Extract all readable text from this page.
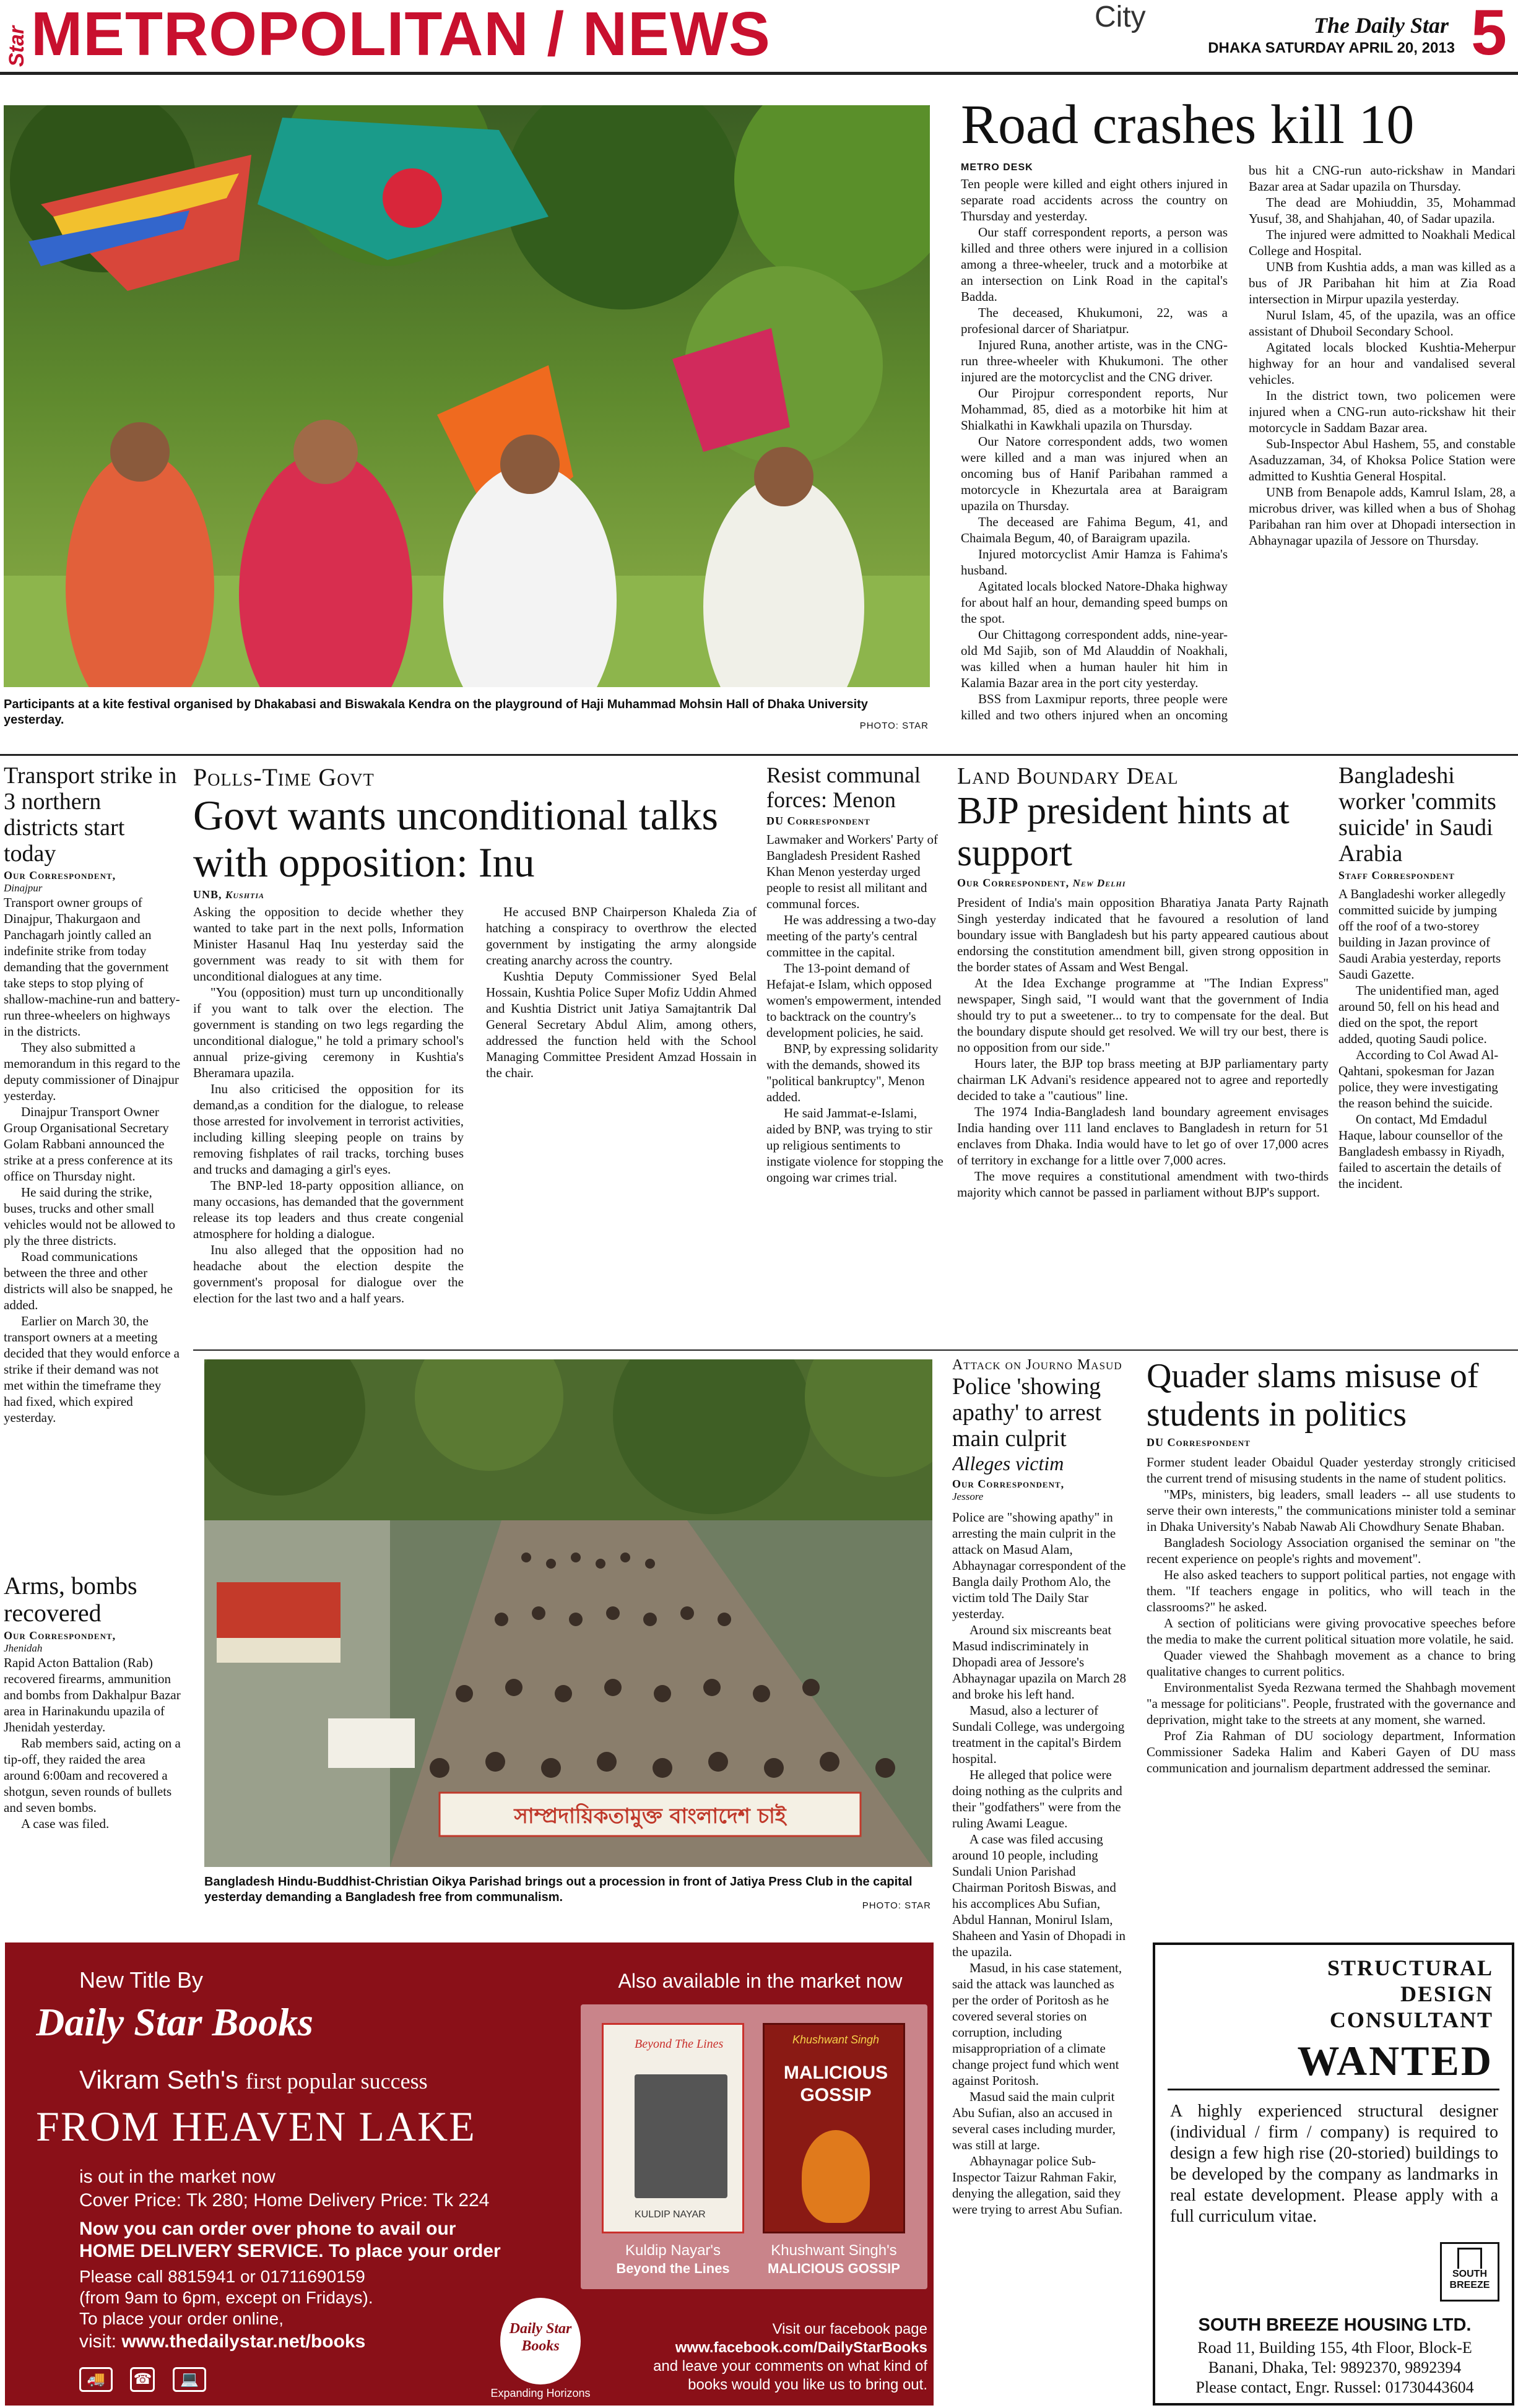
Star METROPOLITAN / NEWS	City	The Daily Star
DHAKA SATURDAY APRIL 20, 2013 5
Participants at a kite festival organised by Dhakabasi and Biswakala Kendra on the playground of Haji Muhammad Mohsin Hall of Dhaka University yesterday.	PHOTO: STAR
Road crashes kill 10
METRO DESK

Ten people were killed and eight others injured in separate road accidents across the country on Thursday and yesterday.

Our staff correspondent reports, a person was killed and three others were injured in a collision among a three-wheeler, truck and a motorbike at an intersection on Link Road in the capital's Badda.

The deceased, Khukumoni, 22, was a profesional darcer of Shariatpur.

Injured Runa, another artiste, was in the CNG-run three-wheeler with Khukumoni. The other injured are the motorcyclist and the CNG driver.

Our Pirojpur correspondent reports, Nur Mohammad, 85, died as a motorbike hit him at Shialkathi in Kawkhali upazila on Thursday.

Our Natore correspondent adds, two women were killed and a man was injured when an oncoming bus of Hanif Paribahan rammed a motorcycle in Khezurtala area at Baraigram upazila on Thursday.

The deceased are Fahima Begum, 41, and Chaimala Begum, 40, of Baraigram upazila.

Injured motorcyclist Amir Hamza is Fahima's husband.

Agitated locals blocked Natore-Dhaka highway for about half an hour, demanding speed bumps on the spot.

Our Chittagong correspondent adds, nine-year-old Md Sajib, son of Md Alauddin of Noakhali, was killed when a human hauler hit him in Kalamia Bazar area in the port city yesterday.

BSS from Laxmipur reports, three people were killed and two others injured when an oncoming bus hit a CNG-run auto-rickshaw in Mandari Bazar area at Sadar upazila on Thursday.

The dead are Mohiuddin, 35, Mohammad Yusuf, 38, and Shahjahan, 40, of Sadar upazila.

The injured were admitted to Noakhali Medical College and Hospital.

UNB from Kushtia adds, a man was killed as a bus of JR Paribahan hit him at Zia Road intersection in Mirpur upazila yesterday.

Nurul Islam, 45, of the upazila, was an office assistant of Dhuboil Secondary School.

Agitated locals blocked Kushtia-Meherpur highway for an hour and vandalised several vehicles.

In the district town, two policemen were injured when a CNG-run auto-rickshaw hit their motorcycle in Saddam Bazar area.

Sub-Inspector Abul Hashem, 55, and constable Asaduzzaman, 34, of Khoksa Police Station were admitted to Kushtia General Hospital.

UNB from Benapole adds, Kamrul Islam, 28, a microbus driver, was killed when a bus of Shohag Paribahan ran him over at Dhopadi intersection in Abhaynagar upazila of Jessore on Thursday.

Transport strike in 3 northern districts start today
Our Correspondent,
Dinajpur

Transport owner groups of Dinajpur, Thakurgaon and Panchagarh jointly called an indefinite strike from today demanding that the government take steps to stop plying of shallow-machine-run and battery-run three-wheelers on highways in the districts.

They also submitted a memorandum in this regard to the deputy commissioner of Dinajpur yesterday.

Dinajpur Transport Owner Group Organisational Secretary Golam Rabbani announced the strike at a press conference at its office on Thursday night.

He said during the strike, buses, trucks and other small vehicles would not be allowed to ply the three districts.

Road communications between the three and other districts will also be snapped, he added.

Earlier on March 30, the transport owners at a meeting decided that they would enforce a strike if their demand was not met within the timeframe they had fixed, which expired yesterday.

Arms, bombs recovered
Our Correspondent,
Jhenidah

Rapid Acton Battalion (Rab) recovered firearms, ammunition and bombs from Dakhalpur Bazar area in Harinakundu upazila of Jhenidah yesterday.

Rab members said, acting on a tip-off, they raided the area around 6:00am and recovered a shotgun, seven rounds of bullets and seven bombs.

A case was filed.

Polls-Time Govt
Govt wants unconditional talks with opposition: Inu
UNB, Kushtia

Asking the opposition to decide whether they wanted to take part in the next polls, Information Minister Hasanul Haq Inu yesterday said the government was ready to sit with them for unconditional dialogues at any time.

"You (opposition) must turn up unconditionally if you want to talk over the election. The government is standing on two legs regarding the unconditional dialogue," he told a primary school's annual prize-giving ceremony in Kushtia's Bheramara upazila.

Inu also criticised the opposition for its demand,as a condition for the dialogue, to release those arrested for involvement in terrorist activities, including killing sleeping people on trains by removing fishplates of rail tracks, torching buses and trucks and damaging a girl's eyes.

The BNP-led 18-party opposition alliance, on many occasions, has demanded that the government release its top leaders and thus create congenial atmosphere for holding a dialogue.

Inu also alleged that the opposition had no headache about the election despite the government's proposal for dialogue over the election for the last two and a half years.

He accused BNP Chairperson Khaleda Zia of hatching a conspiracy to overthrow the elected government by instigating the army alongside creating anarchy across the country.

Kushtia Deputy Commissioner Syed Belal Hossain, Kushtia Police Super Mofiz Uddin Ahmed and Kushtia District unit Jatiya Samajtantrik Dal General Secretary Abdul Alim, among others, addressed the function held with the School Managing Committee President Amzad Hossain in the chair.

Resist communal forces: Menon
DU Correspondent

Lawmaker and Workers' Party of Bangladesh President Rashed Khan Menon yesterday urged people to resist all militant and communal forces.

He was addressing a two-day meeting of the party's central committee in the capital.

The 13-point demand of Hefajat-e Islam, which opposed women's empowerment, intended to backtrack on the country's development policies, he said.

BNP, by expressing solidarity with the demands, showed its "political bankruptcy", Menon added.

He said Jammat-e-Islami, aided by BNP, was trying to stir up religious sentiments to instigate violence for stopping the ongoing war crimes trial.

Land Boundary Deal
BJP president hints at support
Our Correspondent, New Delhi

President of India's main opposition Bharatiya Janata Party Rajnath Singh yesterday indicated that he favoured a resolution of land boundary issue with Bangladesh but his party appeared cautious about endorsing the constitution amendment bill, given strong opposition in the border states of Assam and West Bengal.

At the Idea Exchange programme at "The Indian Express" newspaper, Singh said, "I would want that the government of India should try to put a sweetener... to try to compensate for the deal. But the boundary dispute should get resolved. We will try our best, there is no opposition from our side."

Hours later, the BJP top brass meeting at BJP parliamentary party chairman LK Advani's residence appeared not to agree and reportedly decided to take a "cautious" line.

The 1974 India-Bangladesh land boundary agreement envisages India handing over 111 land enclaves to Bangladesh in return for 51 enclaves from Dhaka. India would have to let go of over 17,000 acres of territory in exchange for a little over 7,000 acres.

The move requires a constitutional amendment with two-thirds majority which cannot be passed in parliament without BJP's support.

Bangladeshi worker 'commits suicide' in Saudi Arabia
Staff Correspondent

A Bangladeshi worker allegedly committed suicide by jumping off the roof of a two-storey building in Jazan province of Saudi Arabia yesterday, reports Saudi Gazette.

The unidentified man, aged around 50, fell on his head and died on the spot, the report added, quoting Saudi police.

According to Col Awad Al-Qahtani, spokesman for Jazan police, they were investigating the reason behind the suicide.

On contact, Md Emdadul Haque, labour counsellor of the Bangladesh embassy in Riyadh, failed to ascertain the details of the incident.

সাম্প্রদায়িকতামুক্ত বাংলাদেশ চাই
Bangladesh Hindu-Buddhist-Christian Oikya Parishad brings out a procession in front of Jatiya Press Club in the capital yesterday demanding a Bangladesh free from communalism.
PHOTO: STAR
Attack on Journo Masud
Police 'showing apathy' to arrest main culprit
Alleges victim
Our Correspondent,
Jessore

Police are "showing apathy" in arresting the main culprit in the attack on Masud Alam, Abhaynagar correspondent of the Bangla daily Prothom Alo, the victim told The Daily Star yesterday.

Around six miscreants beat Masud indiscriminately in Dhopadi area of Jessore's Abhaynagar upazila on March 28 and broke his left hand.

Masud, also a lecturer of Sundali College, was undergoing treatment in the capital's Birdem hospital.

He alleged that police were doing nothing as the culprits and their "godfathers" were from the ruling Awami League.

A case was filed accusing around 10 people, including Sundali Union Parishad Chairman Poritosh Biswas, and his accomplices Abu Sufian, Abdul Hannan, Monirul Islam, Shaheen and Yasin of Dhopadi in the upazila.

Masud, in his case statement, said the attack was launched as per the order of Poritosh as he covered several stories on corruption, including misappropriation of a climate change project fund which went against Poritosh.

Masud said the main culprit Abu Sufian, also an accused in several cases including murder, was still at large.

Abhaynagar police Sub-Inspector Taizur Rahman Fakir, denying the allegation, said they were trying to arrest Abu Sufian.

Quader slams misuse of students in politics
DU Correspondent

Former student leader Obaidul Quader yesterday strongly criticised the current trend of misusing students in the name of student politics.

"MPs, ministers, big leaders, small leaders -- all use students to serve their own interests," the communications minister told a seminar in Dhaka University's Nabab Nawab Ali Chowdhury Senate Bhaban.

Bangladesh Sociology Association organised the seminar on "the recent experience on people's rights and movement".

He also asked teachers to support political parties, not engage with them. "If teachers engage in politics, who will teach in the classrooms?" he asked.

A section of politicians were giving provocative speeches before the media to make the current political situation more volatile, he said.

Quader viewed the Shahbagh movement as a chance to bring qualitative changes to current politics.

Environmentalist Syeda Rezwana termed the Shahbagh movement "a message for politicians". People, frustrated with the governance and deprivation, might take to the streets at any moment, she warned.

Prof Zia Rahman of DU sociology department, Information Commissioner Sadeka Halim and Kaberi Gayen of DU mass communication and journalism department addressed the seminar.

New Title By
Daily Star Books
Vikram Seth's first popular success
FROM HEAVEN LAKE
is out in the market now
Cover Price: Tk 280; Home Delivery Price: Tk 224
Now you can order over phone to avail our
HOME DELIVERY SERVICE. To place your order
Please call 8815941 or 01711690159
(from 9am to 6pm, except on Fridays).
To place your order online,
visit: www.thedailystar.net/books
🚚 ☎ 💻
Also available in the market now
Beyond The Lines
KULDIP NAYAR
Khushwant Singh
MALICIOUS GOSSIP
Kuldip Nayar's
Beyond the Lines
Khushwant Singh's
MALICIOUS GOSSIP
Daily Star
Books
Expanding Horizons
Visit our facebook page
www.facebook.com/DailyStarBooks
and leave your comments on what kind of
books would you like us to bring out.
STRUCTURAL
DESIGN
CONSULTANT
WANTED
A highly experienced structural designer (individual / firm / company) is required to design a few high rise (20-storied) buildings to be developed by the company as landmarks in real estate development. Please apply with a full curriculum vitae.
SOUTH
BREEZE
SOUTH BREEZE HOUSING LTD.
Road 11, Building 155, 4th Floor, Block-E
Banani, Dhaka, Tel: 9892370, 9892394
Please contact, Engr. Russel: 01730443604
